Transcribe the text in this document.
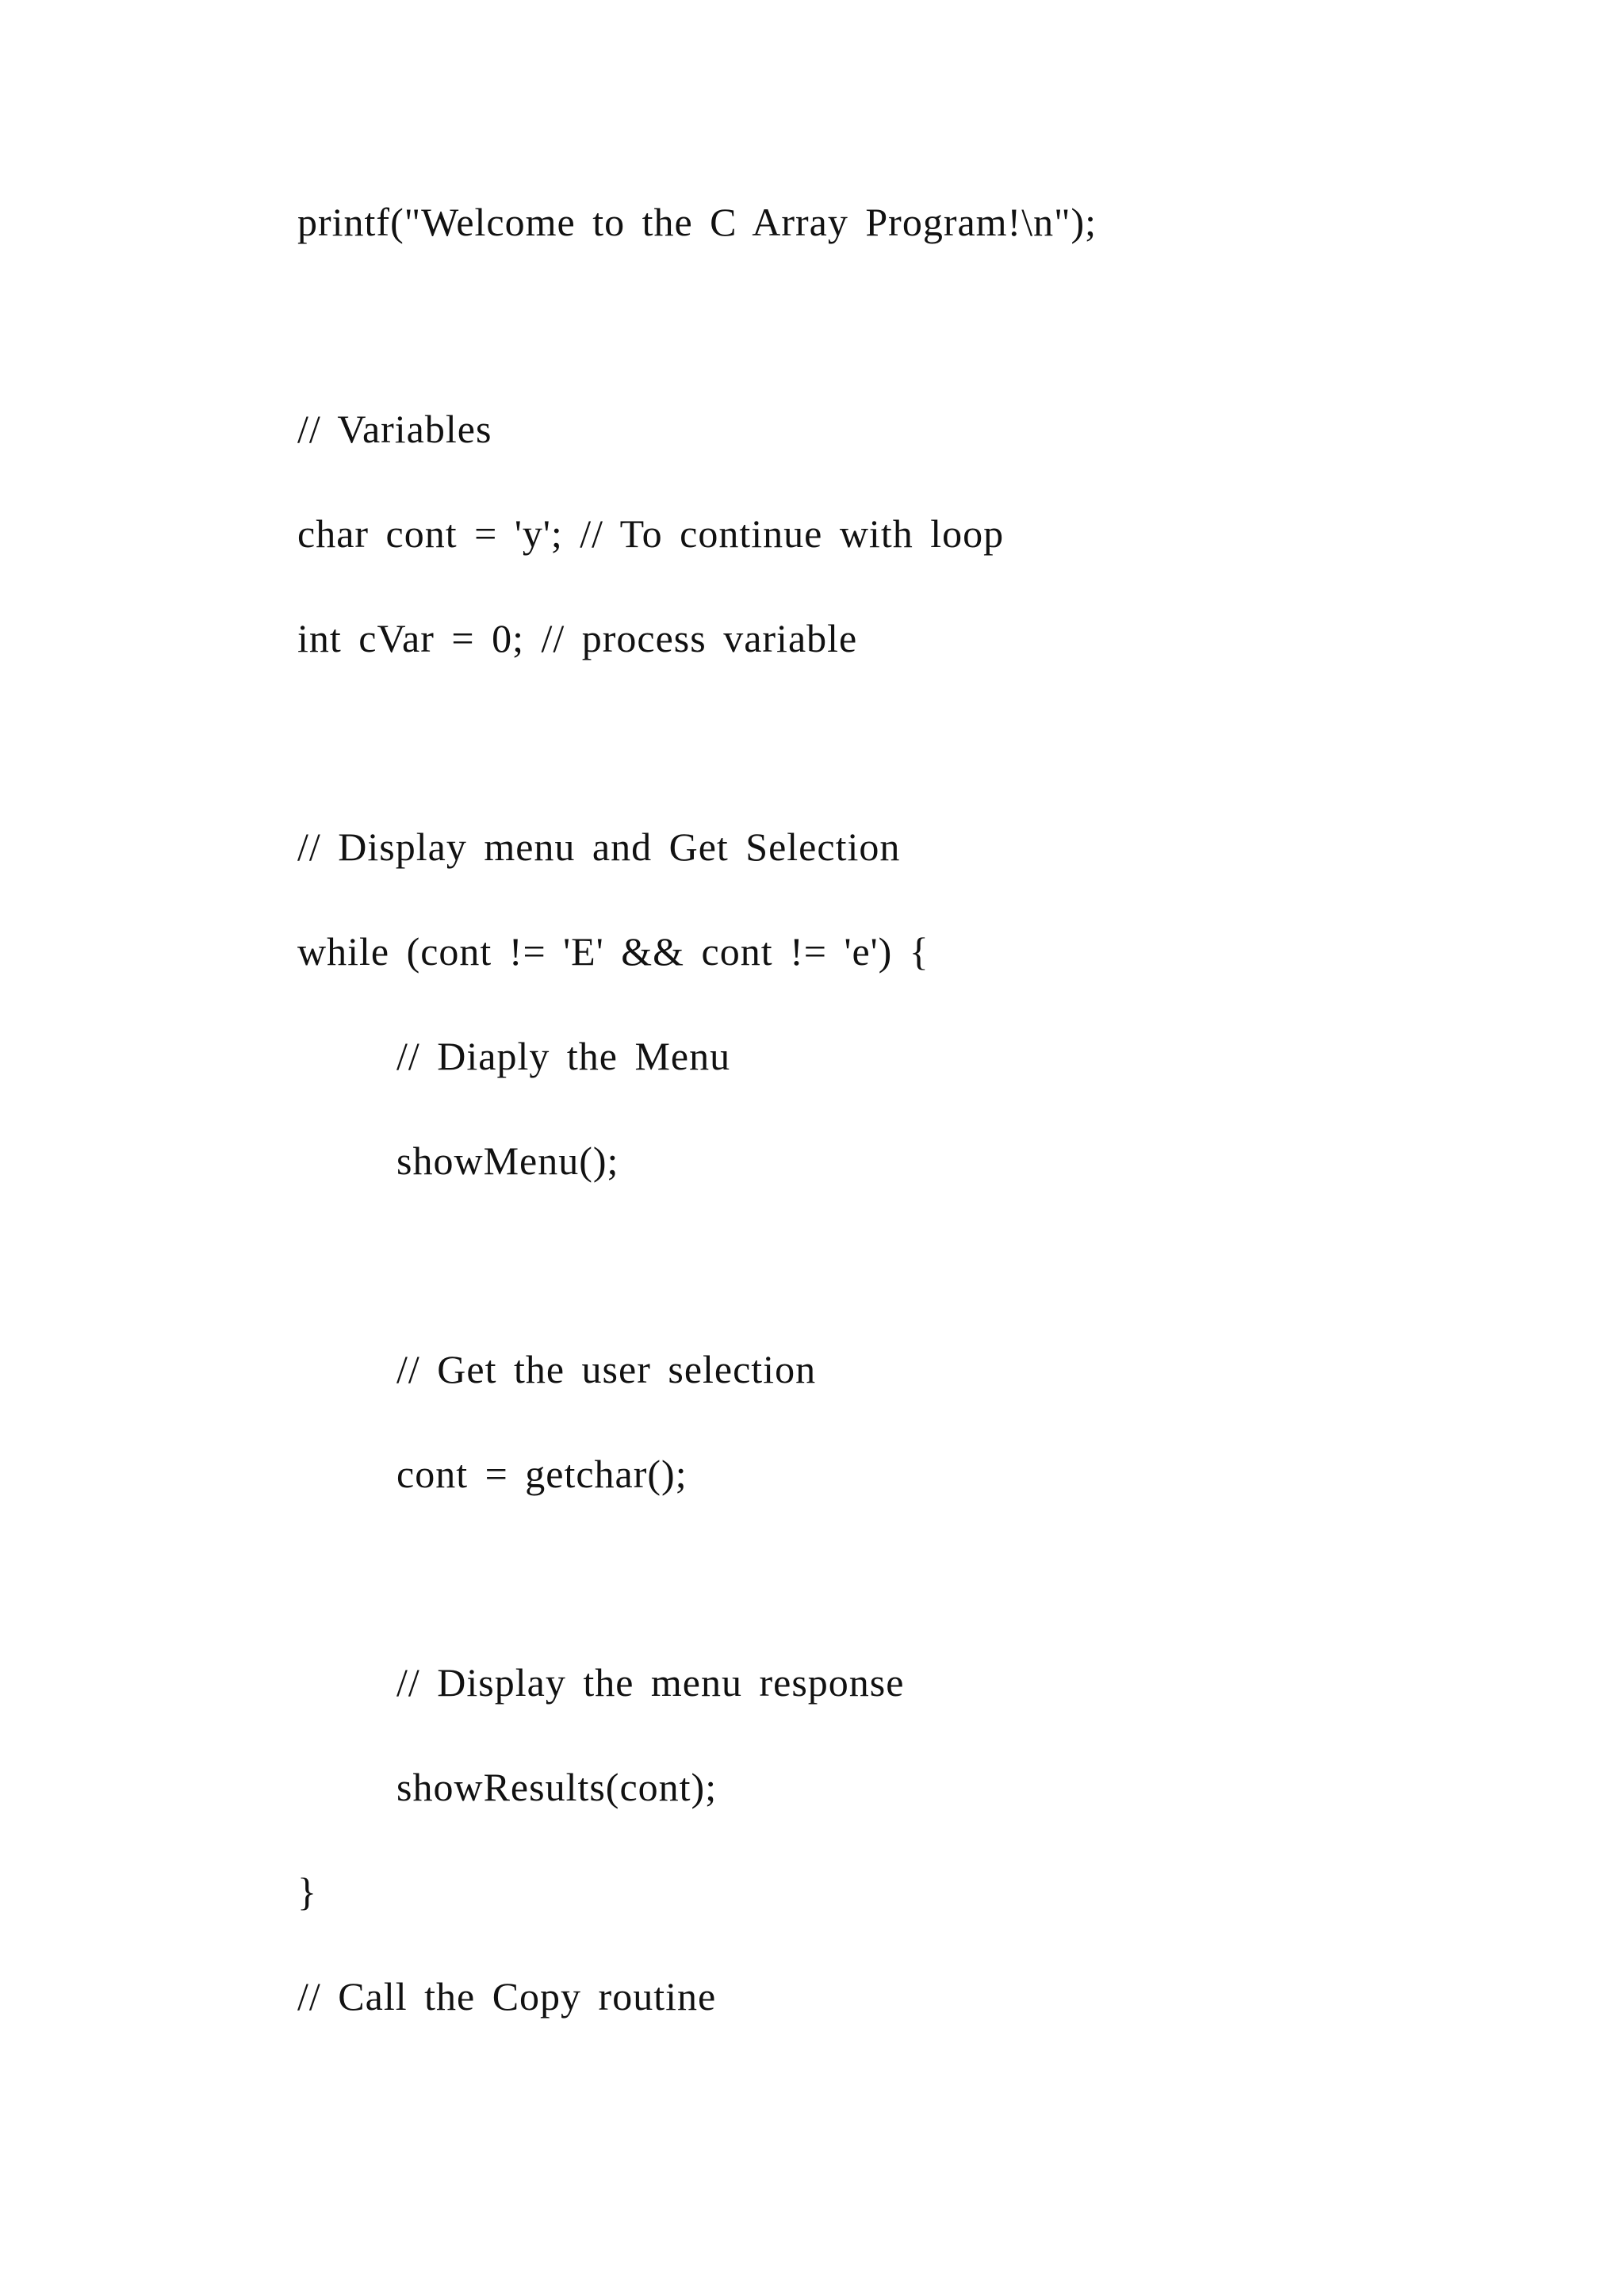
printf("Welcome to the C Array Program!\n");

// Variables

char cont = 'y'; // To continue with loop

int cVar = 0; // process variable

// Display menu and Get Selection

while (cont != 'E' && cont != 'e') {

// Diaply the Menu

showMenu();

// Get the user selection

cont = getchar();

// Display the menu response

showResults(cont);

}

// Call the Copy routine
